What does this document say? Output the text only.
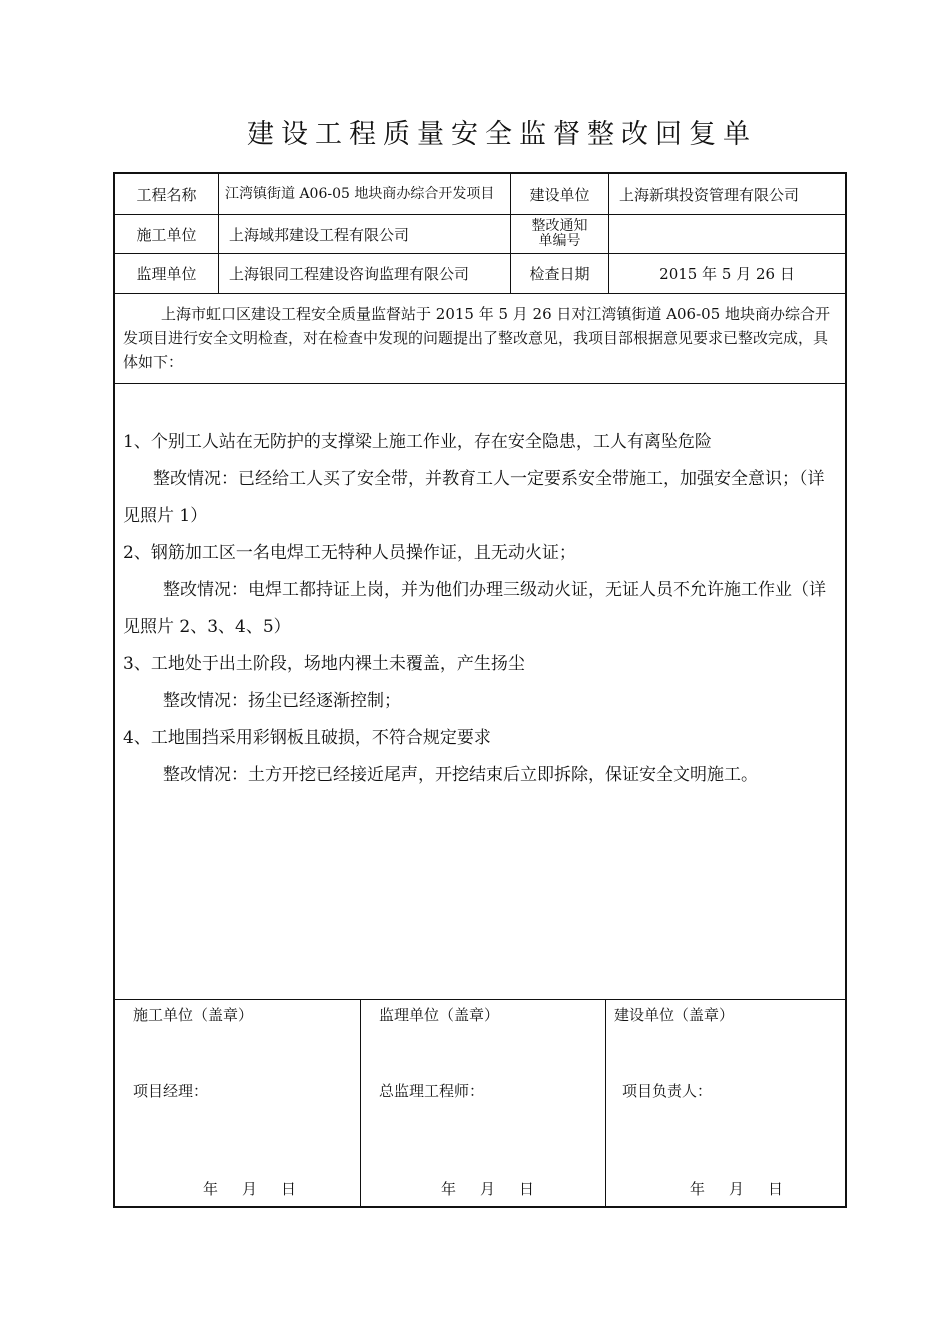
建设工程质量安全监督整改回复单
工程名称	江湾镇街道 A06-05 地块商办综合开发项目	建设单位	上海新琪投资管理有限公司
施工单位	上海域邦建设工程有限公司	整改通知单编号
监理单位	上海银同工程建设咨询监理有限公司	检查日期	2015 年 5 月 26 日
上海市虹口区建设工程安全质量监督站于 2015 年 5 月 26 日对江湾镇街道 A06-05 地块商办综合开发项目进行安全文明检查，对在检查中发现的问题提出了整改意见，我项目部根据意见要求已整改完成，具体如下：

1、个别工人站在无防护的支撑梁上施工作业，存在安全隐患，工人有离坠危险

整改情况：已经给工人买了安全带，并教育工人一定要系安全带施工，加强安全意识；（详见照片 1）

2、钢筋加工区一名电焊工无特种人员操作证，且无动火证；

整改情况：电焊工都持证上岗，并为他们办理三级动火证，无证人员不允许施工作业（详见照片 2、3、4、5）

3、工地处于出土阶段，场地内裸土未覆盖，产生扬尘

整改情况：扬尘已经逐渐控制；

4、工地围挡采用彩钢板且破损，不符合规定要求

整改情况：土方开挖已经接近尾声，开挖结束后立即拆除，保证安全文明施工。

施工单位（盖章）
项目经理：
年 月 日
监理单位（盖章）
总监理工程师：
年 月 日
建设单位（盖章）
项目负责人：
年 月 日
